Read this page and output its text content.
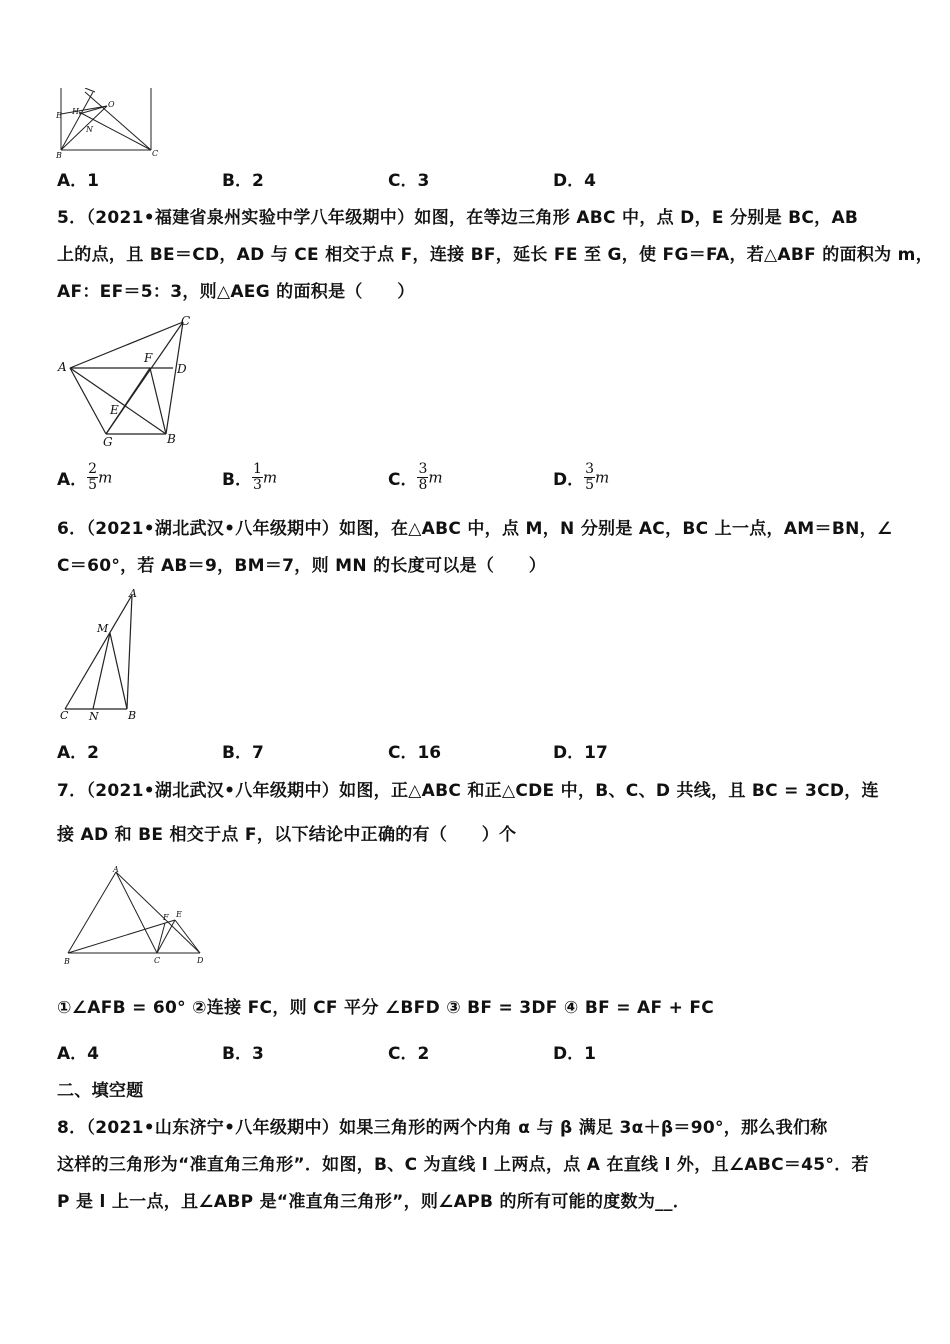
E H
O
N
B	C
A．1	B．2	C．3	D．4
5．（2021•福建省泉州实验中学八年级期中）如图，在等边三角形 ABC 中，点 D，E 分别是 BC，AB
上的点，且 BE＝CD，AD 与 CE 相交于点 F，连接 BF，延长 FE 至 G，使 FG＝FA，若△ABF 的面积为 m，
AF：EF＝5：3，则△AEG 的面积是（　　）
C
A
F
D
E
G	B
A． $\frac{2}{5}$ m	B． $\frac{1}{3}$ m	C． $\frac{3}{8}$ m	D． $\frac{3}{5}$ m
6．（2021•湖北武汉•八年级期中）如图，在△ABC 中，点 M，N 分别是 AC，BC 上一点，AM＝BN，∠
C＝60°，若 AB＝9，BM＝7，则 MN 的长度可以是（　　）
A
M
C N	B
A．2	B．7	C．16	D．17
7．（2021•湖北武汉•八年级期中）如图，正△ABC 和正△CDE 中，B、C、D 共线，且 BC = 3CD，连
接 AD 和 BE 相交于点 F，以下结论中正确的有（　　）个
A
F E
B	C	D
①∠AFB = 60° ②连接 FC，则 CF 平分 ∠BFD ③ BF = 3DF ④ BF = AF + FC
A．4	B．3	C．2	D．1
二、填空题
8．（2021•山东济宁•八年级期中）如果三角形的两个内角 α 与 β 满足 3α＋β＝90°，那么我们称
这样的三角形为“准直角三角形”．如图，B、C 为直线 l 上两点，点 A 在直线 l 外，且∠ABC＝45°．若
P 是 l 上一点，且∠ABP 是“准直角三角形”，则∠APB 的所有可能的度数为__．
